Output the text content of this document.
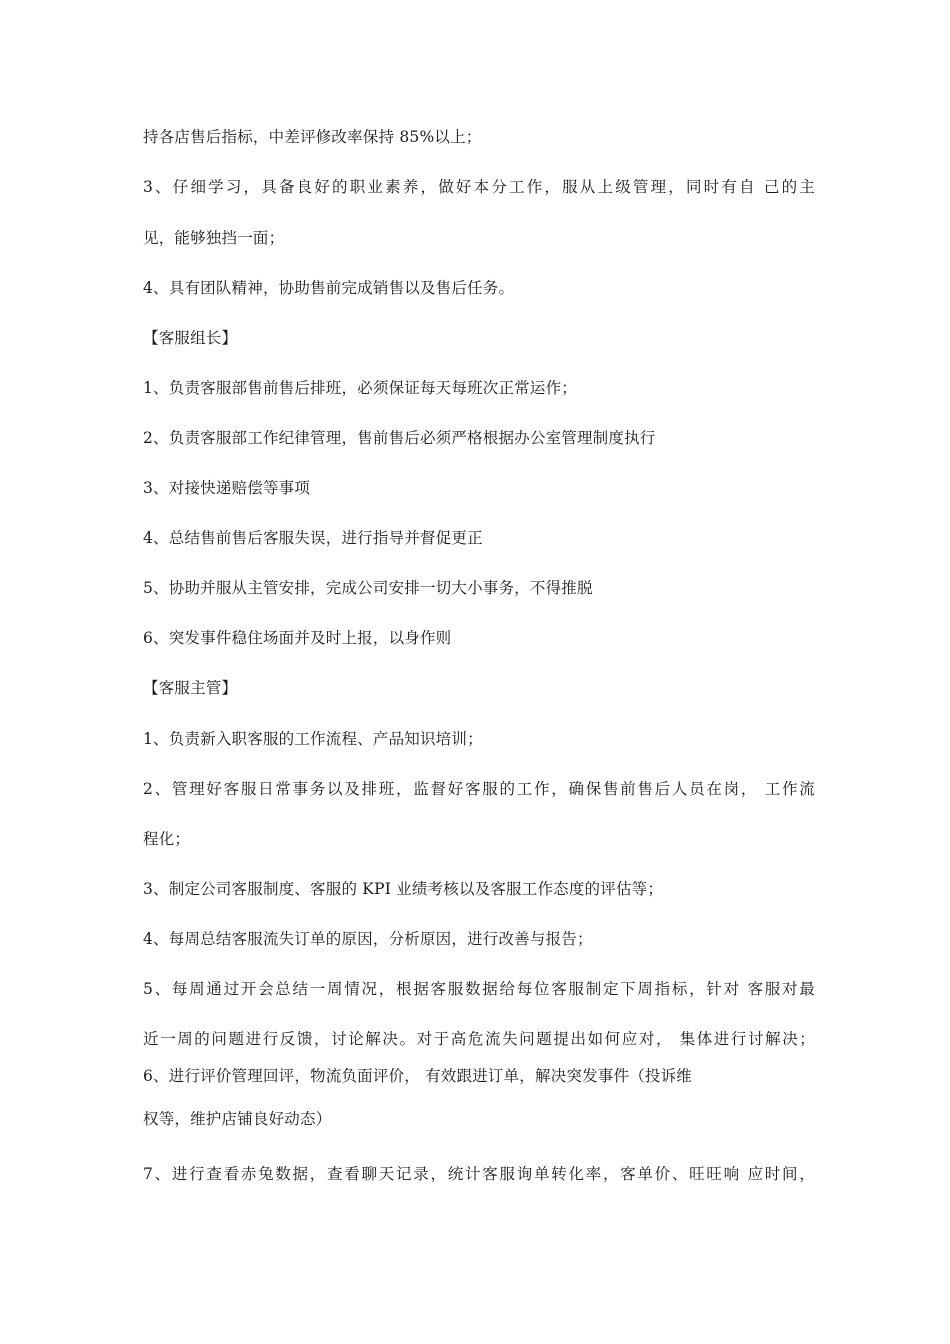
持各店售后指标，中差评修改率保持 85%以上；
3、仔细学习，具备良好的职业素养，做好本分工作，服从上级管理，同时有自 己的主
见，能够独挡一面；
4、具有团队精神，协助售前完成销售以及售后任务。
【客服组长】
1、负责客服部售前售后排班，必须保证每天每班次正常运作；
2、负责客服部工作纪律管理，售前售后必须严格根据办公室管理制度执行
3、对接快递赔偿等事项
4、总结售前售后客服失误，进行指导并督促更正
5、协助并服从主管安排，完成公司安排一切大小事务，不得推脱
6、突发事件稳住场面并及时上报，以身作则
【客服主管】
1、负责新入职客服的工作流程、产品知识培训；
2、管理好客服日常事务以及排班，监督好客服的工作，确保售前售后人员在岗， 工作流
程化；
3、制定公司客服制度、客服的 KPI 业绩考核以及客服工作态度的评估等；
4、每周总结客服流失订单的原因，分析原因，进行改善与报告；
5、每周通过开会总结一周情况，根据客服数据给每位客服制定下周指标，针对 客服对最
近一周的问题进行反馈，讨论解决。对于高危流失问题提出如何应对， 集体进行讨解决；
6、进行评价管理回评，物流负面评价， 有效跟进订单，解决突发事件（投诉维
权等，维护店铺良好动态）
7、进行查看赤兔数据，查看聊天记录，统计客服询单转化率，客单价、旺旺响 应时间，
